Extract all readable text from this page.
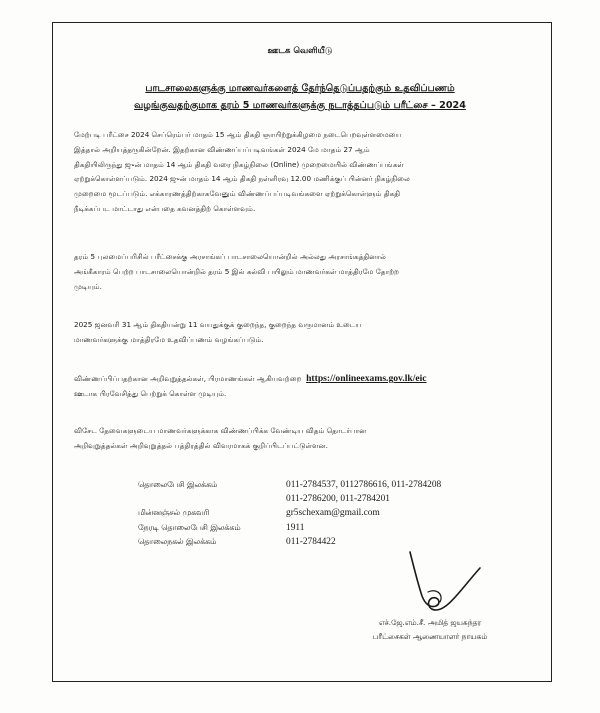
ஊடக வெளியீடு
பாடசாலைகளுக்கு மாணவர்களைத் தேர்ந்தெடுப்பதற்கும் உதவிப்பணம்
வழங்குவதற்குமாக தரம் 5 மாணவர்களுக்கு நடாத்தப்படும் பரீட்சை – 2024
மேற்படி பரீட்சை 2024 செப்ரெம்பர் மாதம் 15 ஆம் திகதி ஞாயிற்றுக்கிழமை நடைபெறவுள்ளமையை
இத்தால் அறியத்தருகின்றேன். இதற்கான விண்ணப்பப்படிவங்கள் 2024 மே மாதம் 27 ஆம்
திகதியிலிருந்து ஜுன் மாதம் 14 ஆம் திகதி வரை நிகழ்நிலை (Online) முறைமையில் விண்ணப்பங்கள்
ஏற்றுக்கொள்ளப்படும். 2024 ஜுன் மாதம் 14 ஆம் திகதி நள்ளிரவு 12.00 மணிக்குப் பின்னர் நிகழ்நிலை
முறைமை மூடப்படும். எக்காரணத்திற்காகவேனும் விண்ணப்பப்படிவங்களை ஏற்றுக்கொள்ளும் திகதி
நீடிக்கப்பட மாட்டாது என்பதை கவனத்திற் கொள்ளவும்.
தரம் 5 புலமைப்பரிசில் பரீட்சைக்கு அரசாங்கப் பாடசாலையொன்றில் அல்லது அரசாங்கத்தினால்
அங்கீகாரம் பெற்ற பாடசாலையொன்றில் தரம் 5 இல் கல்வி பயிலும் மாணவர்கள் மாத்திரமே தோற்ற
முடியும்.
2025 ஜனவரி 31 ஆம் திகதியன்று 11 வயதுக்குக் குறைந்த, குறைந்த வருமானம் உடைய
மாணவர்களுக்கு மாத்திரமே உதவிப்பணம் வழங்கப்படும்.
விண்ணப்பிப்பதற்கான அறிவுறுத்தல்கள், பிரமாணங்கள் ஆகியவற்றை https://onlineexams.gov.lk/eic
ஊடாக பிரவேசித்து பெற்றுக் கொள்ள முடியும்.
விசேட தேவைகளுடைய மாணவர்களுக்காக விண்ணப்பிக்க வேண்டிய விதம் தொடர்பான
அறிவுறுத்தல்கள் அறிவுறுத்தல் பத்திரத்தில் விவரமாகக் குறிப்பிடப்பட்டுள்ளன.
தொலைபேசி இலக்கம்	011-2784537, 0112786616, 011-2784208
011-2786200, 011-2784201
மின்னஞ்சல் முகவரி	gr5schexam@gmail.com
நேரடி தொலைபேசி இலக்கம்	1911
தொலைநகல் இலக்கம்	011-2784422
எச்.ஜே.எம்.சீ. அமித் ஜயசுந்தர
பரீட்சைகள் ஆணையாளர் நாயகம்
